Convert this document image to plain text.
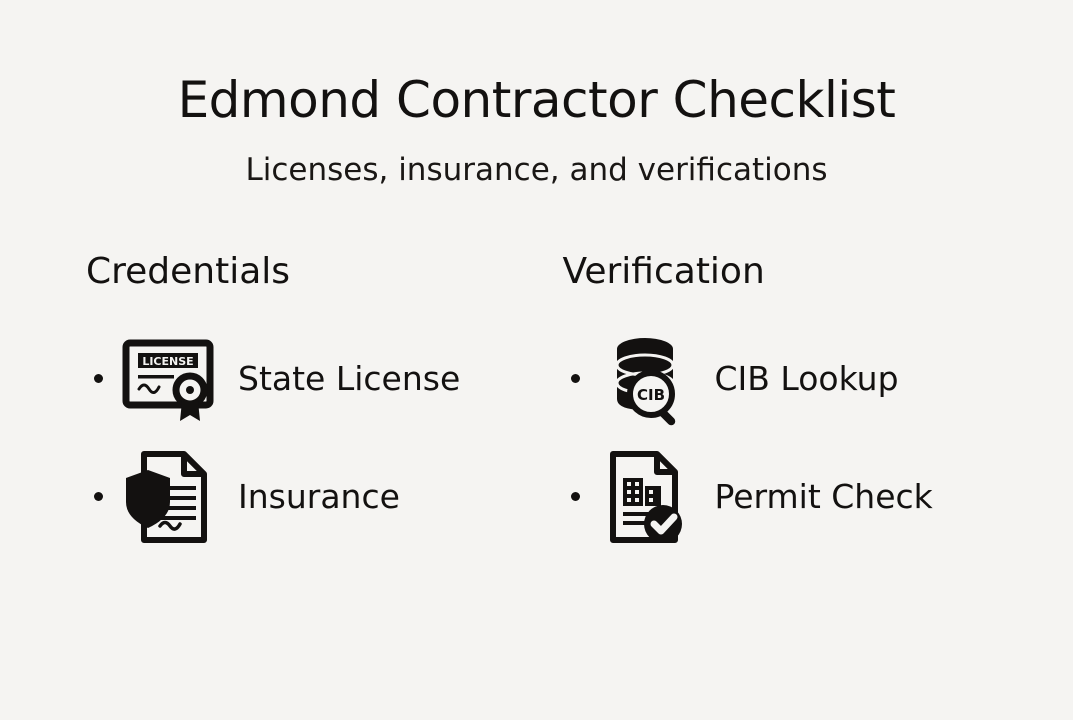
Edmond Contractor Checklist

Licenses, insurance, and verifications

Credentials
LICENSE	State License
Insurance
Verification
CIB	CIB Lookup
Permit Check
